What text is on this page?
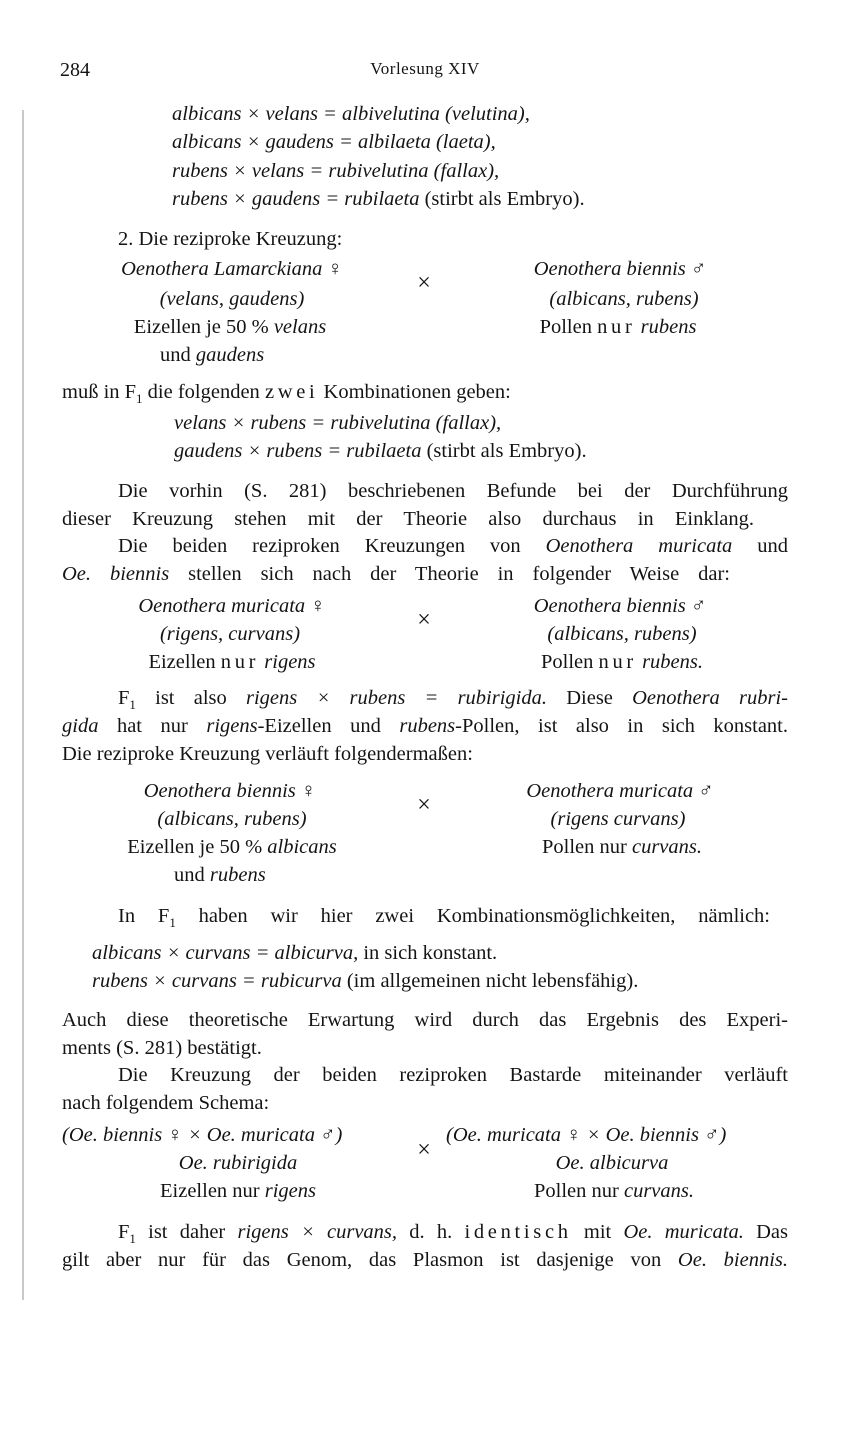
284	Vorlesung XIV
albicans × velans = albivelutina (velutina),
albicans × gaudens = albilaeta (laeta),
rubens × velans = rubivelutina (fallax),
rubens × gaudens = rubilaeta (stirbt als Embryo).
2. Die reziproke Kreuzung:
Oenothera Lamarckiana ♀
(velans, gaudens)
Eizellen je 50 % velans
und gaudens
×
Oenothera biennis ♂
(albicans, rubens)
Pollen nur rubens
muß in $F_1$ die folgenden zwei Kombinationen geben:
velans × rubens = rubivelutina (fallax),
gaudens × rubens = rubilaeta (stirbt als Embryo).
Die vorhin (S. 281) beschriebenen Befunde bei der Durchführung
dieser Kreuzung stehen mit der Theorie also durchaus in Einklang.
Die beiden reziproken Kreuzungen von Oenothera muricata und
Oe. biennis stellen sich nach der Theorie in folgender Weise dar:
Oenothera muricata ♀
(rigens, curvans)
Eizellen nur rigens
×
Oenothera biennis ♂
(albicans, rubens)
Pollen nur rubens.
$F_1$ ist also rigens × rubens = rubirigida. Diese Oenothera rubri-
gida hat nur rigens-Eizellen und rubens-Pollen, ist also in sich konstant.
Die reziproke Kreuzung verläuft folgendermaßen:
Oenothera biennis ♀
(albicans, rubens)
Eizellen je 50 % albicans
und rubens
×
Oenothera muricata ♂
(rigens curvans)
Pollen nur curvans.
In $F_1$ haben wir hier zwei Kombinationsmöglichkeiten, nämlich:
albicans × curvans = albicurva, in sich konstant.
rubens × curvans = rubicurva (im allgemeinen nicht lebensfähig).
Auch diese theoretische Erwartung wird durch das Ergebnis des Experi-
ments (S. 281) bestätigt.
Die Kreuzung der beiden reziproken Bastarde miteinander verläuft
nach folgendem Schema:
(Oe. biennis ♀ × Oe. muricata ♂)
Oe. rubirigida
Eizellen nur rigens
×
(Oe. muricata ♀ × Oe. biennis ♂)
Oe. albicurva
Pollen nur curvans.
$F_1$ ist daher rigens × curvans, d. h. identisch mit Oe. muricata. Das
gilt aber nur für das Genom, das Plasmon ist dasjenige von Oe. biennis.
